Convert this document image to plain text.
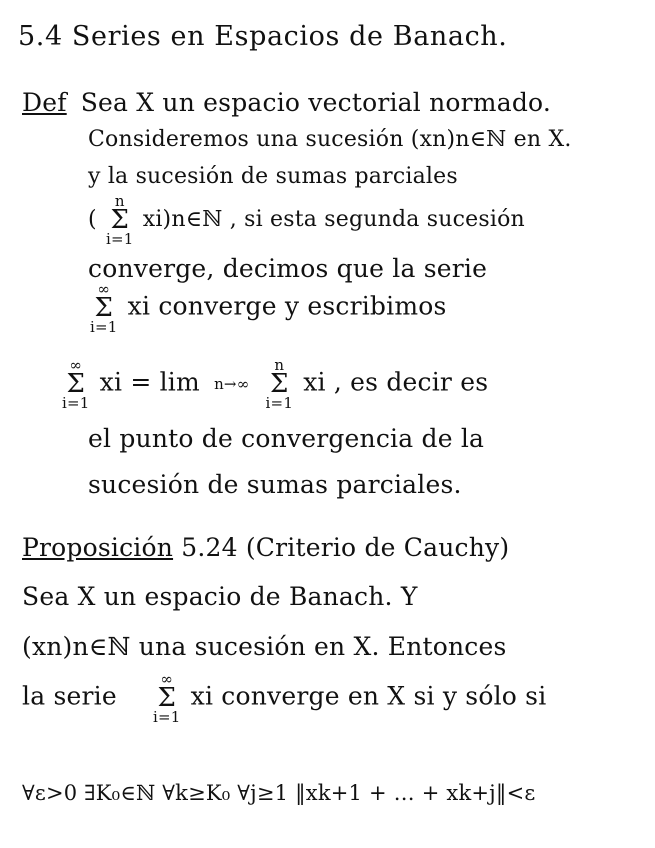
5.4 Series en Espacios de Banach.
Def Sea X un espacio vectorial normado.
Consideremos una sucesión (xn)n∈ℕ en X.
y la sucesión de sumas parciales
(
n
Σ
i=1
xi)n∈ℕ , si esta segunda sucesión
converge, decimos que la serie
∞
Σ
i=1
xi converge y escribimos
∞
Σ
i=1
xi = lim n→∞

n
Σ
i=1
xi , es decir es
el punto de convergencia de la
sucesión de sumas parciales.
Proposición 5.24 (Criterio de Cauchy)
Sea X un espacio de Banach. Y
(xn)n∈ℕ una sucesión en X. Entonces
la serie
∞
Σ
i=1
xi converge en X si y sólo si
∀ε>0 ∃K₀∈ℕ ∀k≥K₀ ∀j≥1 ‖xk+1 + … + xk+j‖<ε
